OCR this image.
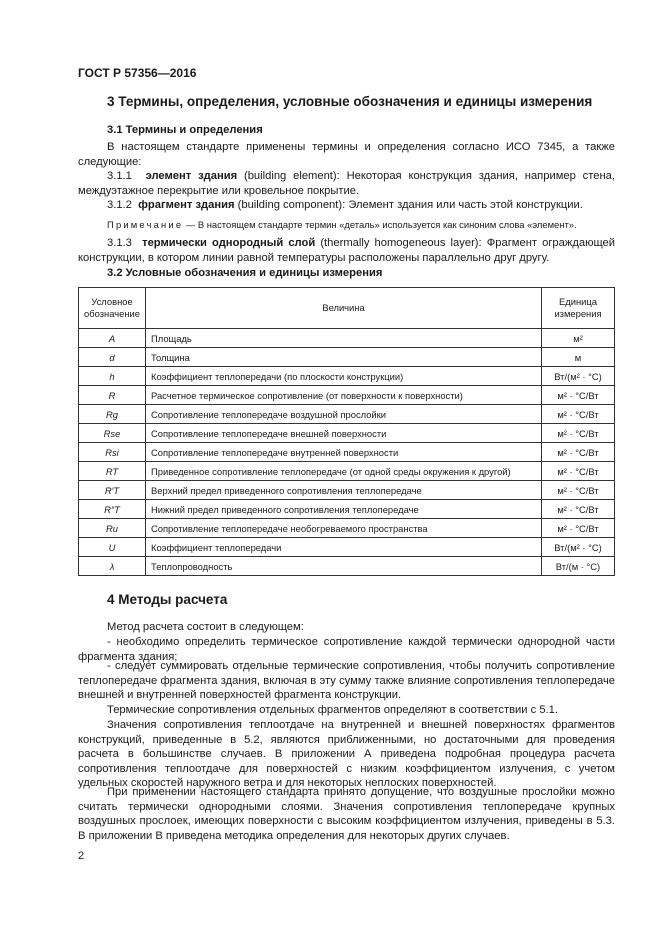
ГОСТ Р 57356—2016
3 Термины, определения, условные обозначения и единицы измерения
3.1 Термины и определения
В настоящем стандарте применены термины и определения согласно ИСО 7345, а также следующие:
3.1.1 элемент здания (building element): Некоторая конструкция здания, например стена, междуэтажное перекрытие или кровельное покрытие.
3.1.2 фрагмент здания (building component): Элемент здания или часть этой конструкции.
Примечание — В настоящем стандарте термин «деталь» используется как синоним слова «элемент».
3.1.3 термически однородный слой (thermally homogeneous layer): Фрагмент ограждающей конструкции, в котором линии равной температуры расположены параллельно друг другу.
3.2 Условные обозначения и единицы измерения
Условное обозначение	Величина	Единица измерения
A	Площадь	м²
d	Толщина	м
h	Коэффициент теплопередачи (по плоскости конструкции)	Вт/(м² · °C)
R	Расчетное термическое сопротивление (от поверхности к поверхности)	м² · °C/Вт
Rg	Сопротивление теплопередаче воздушной прослойки	м² · °C/Вт
Rse	Сопротивление теплопередаче внешней поверхности	м² · °C/Вт
Rsi	Сопротивление теплопередаче внутренней поверхности	м² · °C/Вт
RT	Приведенное сопротивление теплопередаче (от одной среды окружения к другой)	м² · °C/Вт
R′T	Верхний предел приведенного сопротивления теплопередаче	м² · °C/Вт
R″T	Нижний предел приведенного сопротивления теплопередаче	м² · °C/Вт
Ru	Сопротивление теплопередаче необогреваемого пространства	м² · °C/Вт
U	Коэффициент теплопередачи	Вт/(м² · °C)
λ	Теплопроводность	Вт/(м · °C)
4 Методы расчета
Метод расчета состоит в следующем:
- необходимо определить термическое сопротивление каждой термически однородной части фрагмента здания;
- следует суммировать отдельные термические сопротивления, чтобы получить сопротивление теплопередаче фрагмента здания, включая в эту сумму также влияние сопротивления теплопередаче внешней и внутренней поверхностей фрагмента конструкции.
Термические сопротивления отдельных фрагментов определяют в соответствии с 5.1.
Значения сопротивления теплоотдаче на внутренней и внешней поверхностях фрагментов конструкций, приведенные в 5.2, являются приближенными, но достаточными для проведения расчета в большинстве случаев. В приложении А приведена подробная процедура расчета сопротивления теплоотдаче для поверхностей с низким коэффициентом излучения, с учетом удельных скоростей наружного ветра и для некоторых неплоских поверхностей.
При применении настоящего стандарта принято допущение, что воздушные прослойки можно считать термически однородными слоями. Значения сопротивления теплопередаче крупных воздушных прослоек, имеющих поверхности с высоким коэффициентом излучения, приведены в 5.3. В приложении В приведена методика определения для некоторых других случаев.
2
